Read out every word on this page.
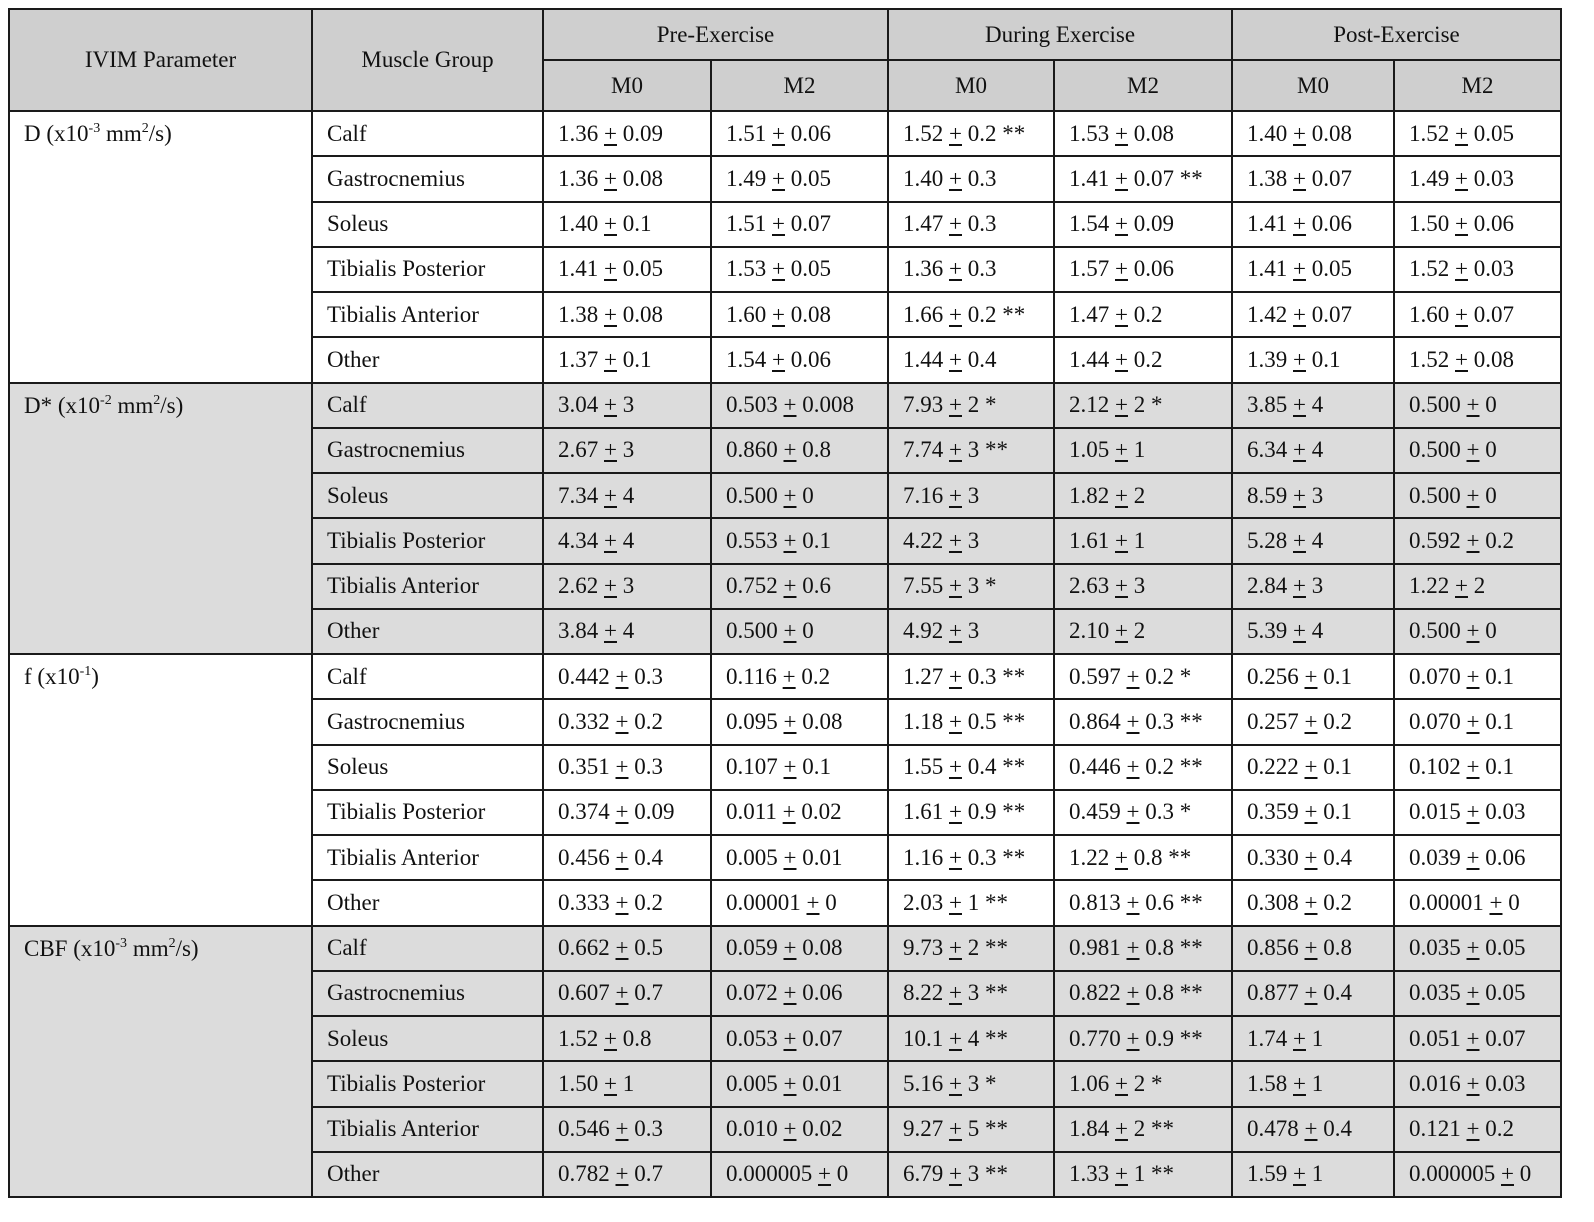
IVIM Parameter	Muscle Group	Pre-Exercise		During Exercise		Post-Exercise	
		M0	M2	M0	M2	M0	M2
D ($x10^{-3}$ $mm^2/s$)	Calf	1.36 + 0.09	1.51 + 0.06	1.52 + 0.2 **	1.53 + 0.08	1.40 + 0.08	1.52 + 0.05
	Gastrocnemius	1.36 + 0.08	1.49 + 0.05	1.40 + 0.3	1.41 + 0.07 **	1.38 + 0.07	1.49 + 0.03
	Soleus	1.40 + 0.1	1.51 + 0.07	1.47 + 0.3	1.54 + 0.09	1.41 + 0.06	1.50 + 0.06
	Tibialis Posterior	1.41 + 0.05	1.53 + 0.05	1.36 + 0.3	1.57 + 0.06	1.41 + 0.05	1.52 + 0.03
	Tibialis Anterior	1.38 + 0.08	1.60 + 0.08	1.66 + 0.2 **	1.47 + 0.2	1.42 + 0.07	1.60 + 0.07
	Other	1.37 + 0.1	1.54 + 0.06	1.44 + 0.4	1.44 + 0.2	1.39 + 0.1	1.52 + 0.08
D* ($x10^{-2}$ $mm^2/s$)	Calf	3.04 + 3	0.503 + 0.008	7.93 + 2 *	2.12 + 2 *	3.85 + 4	0.500 + 0
	Gastrocnemius	2.67 + 3	0.860 + 0.8	7.74 + 3 **	1.05 + 1	6.34 + 4	0.500 + 0
	Soleus	7.34 + 4	0.500 + 0	7.16 + 3	1.82 + 2	8.59 + 3	0.500 + 0
	Tibialis Posterior	4.34 + 4	0.553 + 0.1	4.22 + 3	1.61 + 1	5.28 + 4	0.592 + 0.2
	Tibialis Anterior	2.62 + 3	0.752 + 0.6	7.55 + 3 *	2.63 + 3	2.84 + 3	1.22 + 2
	Other	3.84 + 4	0.500 + 0	4.92 + 3	2.10 + 2	5.39 + 4	0.500 + 0
f $(x10^{-1})$	Calf	0.442 + 0.3	0.116 + 0.2	1.27 + 0.3 **	0.597 + 0.2 *	0.256 + 0.1	0.070 + 0.1
	Gastrocnemius	0.332 + 0.2	0.095 + 0.08	1.18 + 0.5 **	0.864 + 0.3 **	0.257 + 0.2	0.070 + 0.1
	Soleus	0.351 + 0.3	0.107 + 0.1	1.55 + 0.4 **	0.446 + 0.2 **	0.222 + 0.1	0.102 + 0.1
	Tibialis Posterior	0.374 + 0.09	0.011 + 0.02	1.61 + 0.9 **	0.459 + 0.3 *	0.359 + 0.1	0.015 + 0.03
	Tibialis Anterior	0.456 + 0.4	0.005 + 0.01	1.16 + 0.3 **	1.22 + 0.8 **	0.330 + 0.4	0.039 + 0.06
	Other	0.333 + 0.2	0.00001 + 0	2.03 + 1 **	0.813 + 0.6 **	0.308 + 0.2	0.00001 + 0
CBF ($x10^{-3}$ $mm^2/s$)	Calf	0.662 + 0.5	0.059 + 0.08	9.73 + 2 **	0.981 + 0.8 **	0.856 + 0.8	0.035 + 0.05
	Gastrocnemius	0.607 + 0.7	0.072 + 0.06	8.22 + 3 **	0.822 + 0.8 **	0.877 + 0.4	0.035 + 0.05
	Soleus	1.52 + 0.8	0.053 + 0.07	10.1 + 4 **	0.770 + 0.9 **	1.74 + 1	0.051 + 0.07
	Tibialis Posterior	1.50 + 1	0.005 + 0.01	5.16 + 3 *	1.06 + 2 *	1.58 + 1	0.016 + 0.03
	Tibialis Anterior	0.546 + 0.3	0.010 + 0.02	9.27 + 5 **	1.84 + 2 **	0.478 + 0.4	0.121 + 0.2
	Other	0.782 + 0.7	0.000005 + 0	6.79 + 3 **	1.33 + 1 **	1.59 + 1	0.000005 + 0
